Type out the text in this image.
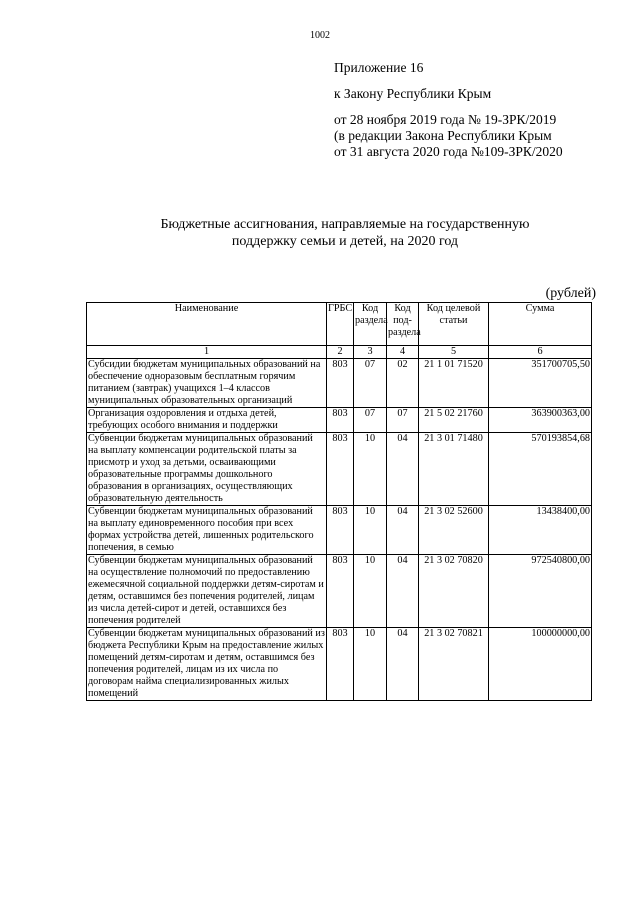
1002
Приложение 16
к Закону Республики Крым
от 28 ноября 2019 года № 19-ЗРК/2019
(в редакции Закона Республики Крым
от 31 августа 2020 года №109-ЗРК/2020
Бюджетные ассигнования, направляемые на государственную
поддержку семьи и детей, на 2020 год
(рублей)
Наименование	ГРБС	Код раздела	Код под-раздела	Код целевой статьи	Сумма
1	2	3	4	5	6
Субсидии бюджетам муниципальных образований на обеспечение одноразовым бесплатным горячим питанием (завтрак) учащихся 1–4 классов муниципальных образовательных организаций	803	07	02	21 1 01 71520	351700705,50
Организация оздоровления и отдыха детей, требующих особого внимания и поддержки	803	07	07	21 5 02 21760	363900363,00
Субвенции бюджетам муниципальных образований на выплату компенсации родительской платы за присмотр и уход за детьми, осваивающими образовательные программы дошкольного образования в организациях, осуществляющих образовательную деятельность	803	10	04	21 3 01 71480	570193854,68
Субвенции бюджетам муниципальных образований на выплату единовременного пособия при всех формах устройства детей, лишенных родительского попечения, в семью	803	10	04	21 3 02 52600	13438400,00
Субвенции бюджетам муниципальных образований на осуществление полномочий по предоставлению ежемесячной социальной поддержки детям-сиротам и детям, оставшимся без попечения родителей, лицам из числа детей-сирот и детей, оставшихся без попечения родителей	803	10	04	21 3 02 70820	972540800,00
Субвенции бюджетам муниципальных образований из бюджета Республики Крым на предоставление жилых помещений детям-сиротам и детям, оставшимся без попечения родителей, лицам из их числа по договорам найма специализированных жилых помещений	803	10	04	21 3 02 70821	100000000,00
